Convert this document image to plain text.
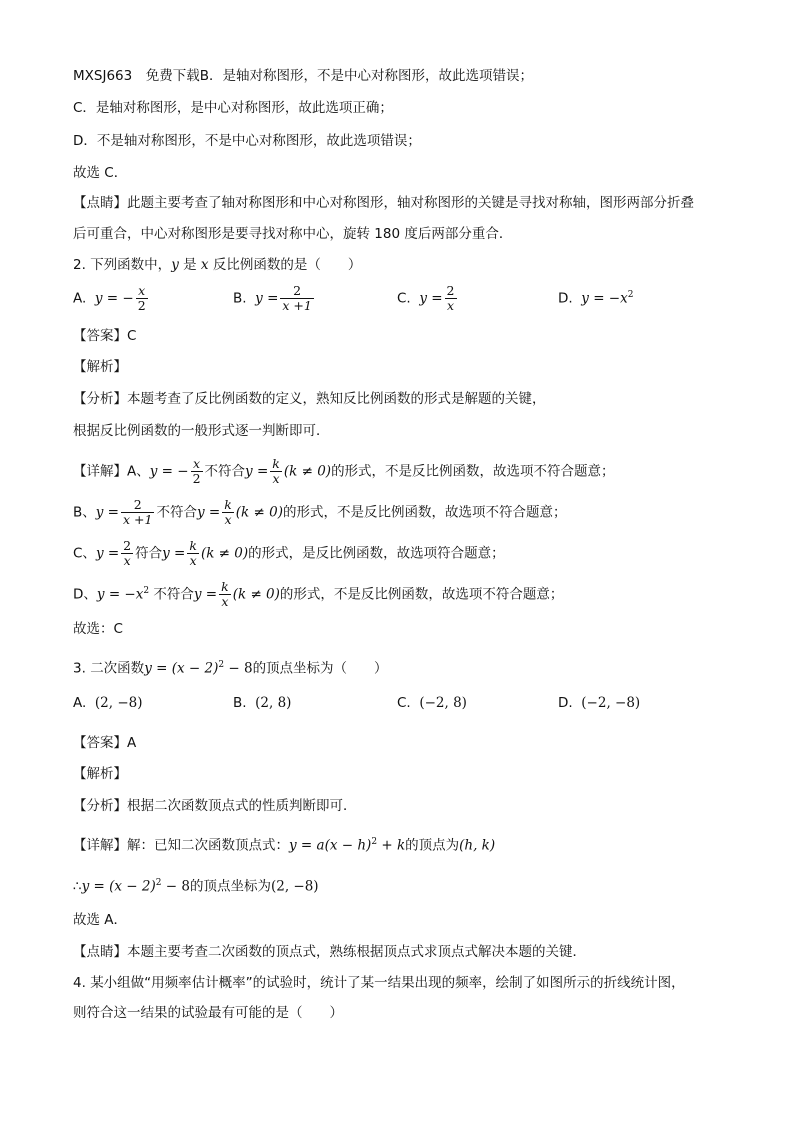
MXSJ663　免费下载B．是轴对称图形，不是中心对称图形，故此选项错误；
C．是轴对称图形，是中心对称图形，故此选项正确；
D．不是轴对称图形，不是中心对称图形，故此选项错误；
故选 C．
【点睛】此题主要考查了轴对称图形和中心对称图形，轴对称图形的关键是寻找对称轴，图形两部分折叠
后可重合，中心对称图形是要寻找对称中心，旋转 180 度后两部分重合．
2. 下列函数中，y 是 x 反比例函数的是（　　）
A. y = − $\frac{x}{2}$	B. $y = \frac{2}{x +1}$	C. $y = \frac{2}{x}$	D. $y = -x^2$
【答案】C
【解析】
【分析】本题考查了反比例函数的定义，熟知反比例函数的形式是解题的关键，
根据反比例函数的一般形式逐一判断即可．
【详解】A、y = − $\frac{x}{2}$ 不符合$y = \frac{k}{x} (k \ne 0)$的形式，不是反比例函数，故选项不符合题意；
B、$y = \frac{2}{x +1}$ 不符合$y = \frac{k}{x} (k \ne 0)$的形式，不是反比例函数，故选项不符合题意；
C、$y = \frac{2}{x}$ 符合$y = \frac{k}{x} (k \ne 0)$的形式，是反比例函数，故选项符合题意；
D、$y = -x^2$ 不符合$y = \frac{k}{x} (k \ne 0)$的形式，不是反比例函数，故选项不符合题意；
故选：C
3. 二次函数$y = (x - 2)^2 - 8$的顶点坐标为（　　）
A. (2, −8)	B. (2, 8)	C. (−2, 8)	D. (−2, −8)
【答案】A
【解析】
【分析】根据二次函数顶点式的性质判断即可．
【详解】解：已知二次函数顶点式：$y = a(x - h)^2 + k$的顶点为(h, k)
∴y = $(x - 2)^2 - 8$的顶点坐标为(2, −8)
故选 A．
【点睛】本题主要考查二次函数的顶点式，熟练根据顶点式求顶点式解决本题的关键．
4. 某小组做“用频率估计概率”的试验时，统计了某一结果出现的频率，绘制了如图所示的折线统计图，
则符合这一结果的试验最有可能的是（　　）
